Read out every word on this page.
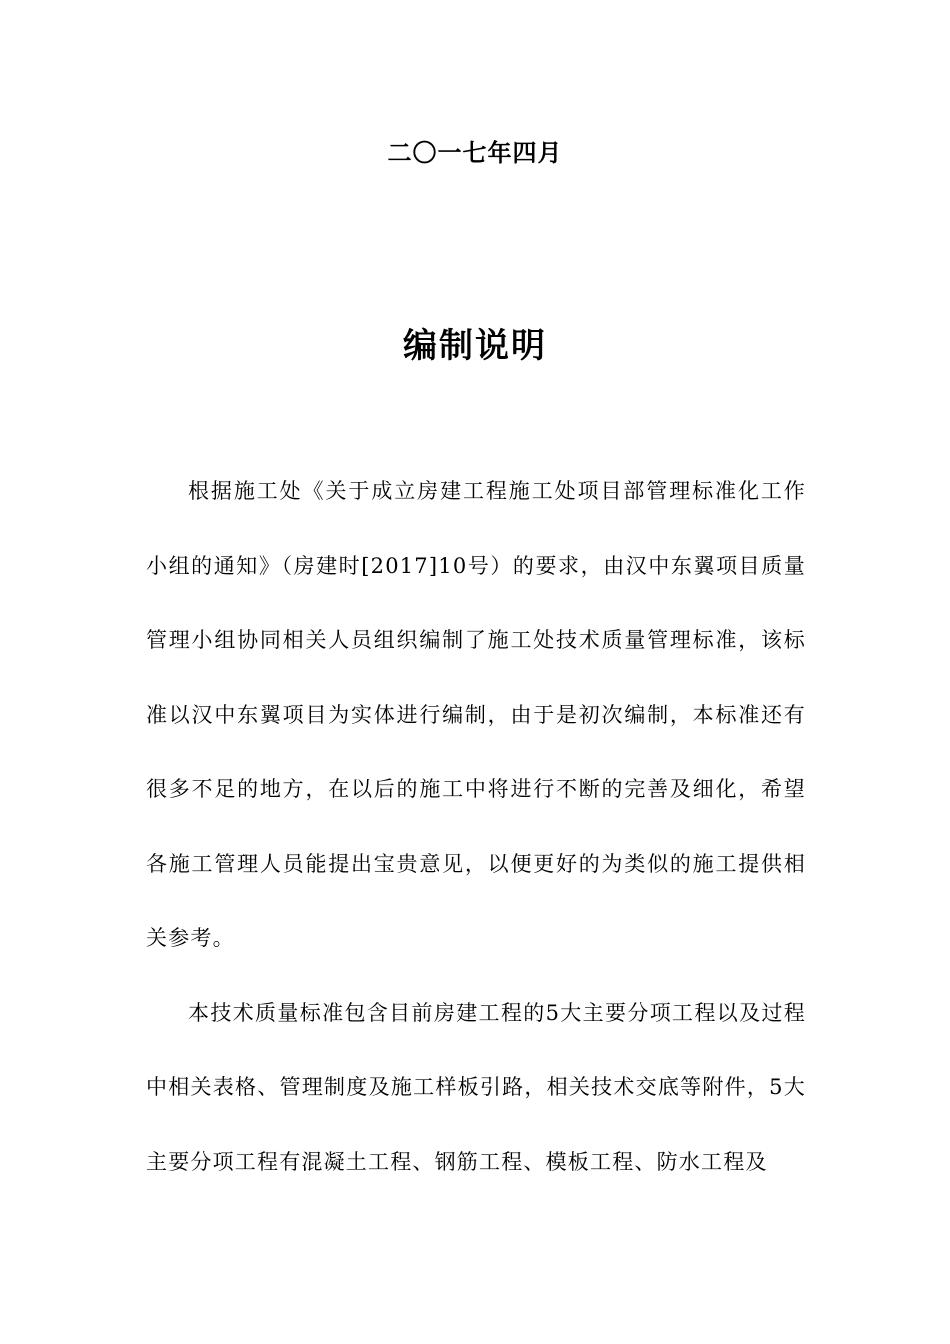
二〇一七年四月
编制说明

根据施工处《关于成立房建工程施工处项目部管理标准化工作小组的通知》（房建时[2017]10号）的要求，由汉中东翼项目质量管理小组协同相关人员组织编制了施工处技术质量管理标准，该标准以汉中东翼项目为实体进行编制，由于是初次编制，本标准还有很多不足的地方，在以后的施工中将进行不断的完善及细化，希望各施工管理人员能提出宝贵意见，以便更好的为类似的施工提供相关参考。

本技术质量标准包含目前房建工程的5大主要分项工程以及过程中相关表格、管理制度及施工样板引路，相关技术交底等附件，5大主要分项工程有混凝土工程、钢筋工程、模板工程、防水工程及
